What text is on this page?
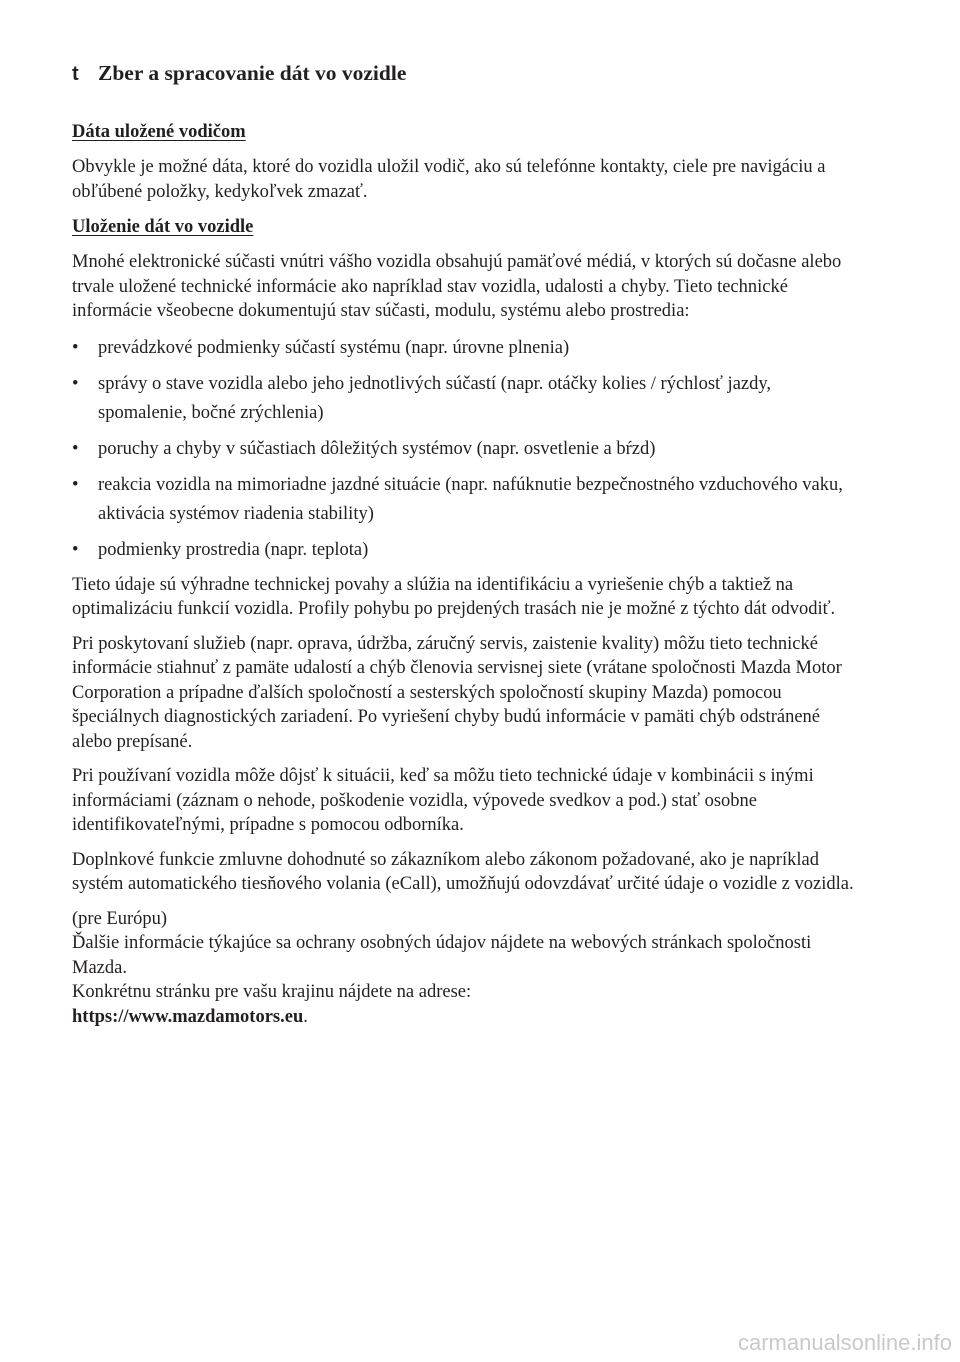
t Zber a spracovanie dát vo vozidle
Dáta uložené vodičom

Obvykle je možné dáta, ktoré do vozidla uložil vodič, ako sú telefónne kontakty, ciele pre navigáciu a obľúbené položky, kedykoľvek zmazať.

Uloženie dát vo vozidle

Mnohé elektronické súčasti vnútri vášho vozidla obsahujú pamäťové médiá, v ktorých sú dočasne alebo trvale uložené technické informácie ako napríklad stav vozidla, udalosti a chyby. Tieto technické informácie všeobecne dokumentujú stav súčasti, modulu, systému alebo prostredia:

•	prevádzkové podmienky súčastí systému (napr. úrovne plnenia)
•	správy o stave vozidla alebo jeho jednotlivých súčastí (napr. otáčky kolies / rýchlosť jazdy, spomalenie, bočné zrýchlenia)
•	poruchy a chyby v súčastiach dôležitých systémov (napr. osvetlenie a bŕzd)
•	reakcia vozidla na mimoriadne jazdné situácie (napr. nafúknutie bezpečnostného vzduchového vaku, aktivácia systémov riadenia stability)
•	podmienky prostredia (napr. teplota)

Tieto údaje sú výhradne technickej povahy a slúžia na identifikáciu a vyriešenie chýb a taktiež na optimalizáciu funkcií vozidla. Profily pohybu po prejdených trasách nie je možné z týchto dát odvodiť.

Pri poskytovaní služieb (napr. oprava, údržba, záručný servis, zaistenie kvality) môžu tieto technické informácie stiahnuť z pamäte udalostí a chýb členovia servisnej siete (vrátane spoločnosti Mazda Motor Corporation a prípadne ďalších spoločností a sesterských spoločností skupiny Mazda) pomocou špeciálnych diagnostických zariadení. Po vyriešení chyby budú informácie v pamäti chýb odstránené alebo prepísané.

Pri používaní vozidla môže dôjsť k situácii, keď sa môžu tieto technické údaje v kombinácii s inými informáciami (záznam o nehode, poškodenie vozidla, výpovede svedkov a pod.) stať osobne identifikovateľnými, prípadne s pomocou odborníka.

Doplnkové funkcie zmluvne dohodnuté so zákazníkom alebo zákonom požadované, ako je napríklad systém automatického tiesňového volania (eCall), umožňujú odovzdávať určité údaje o vozidle z vozidla.

(pre Európu)
Ďalšie informácie týkajúce sa ochrany osobných údajov nájdete na webových stránkach spoločnosti Mazda.
Konkrétnu stránku pre vašu krajinu nájdete na adrese:
https://www.mazdamotors.eu.
carmanualsonline.info
